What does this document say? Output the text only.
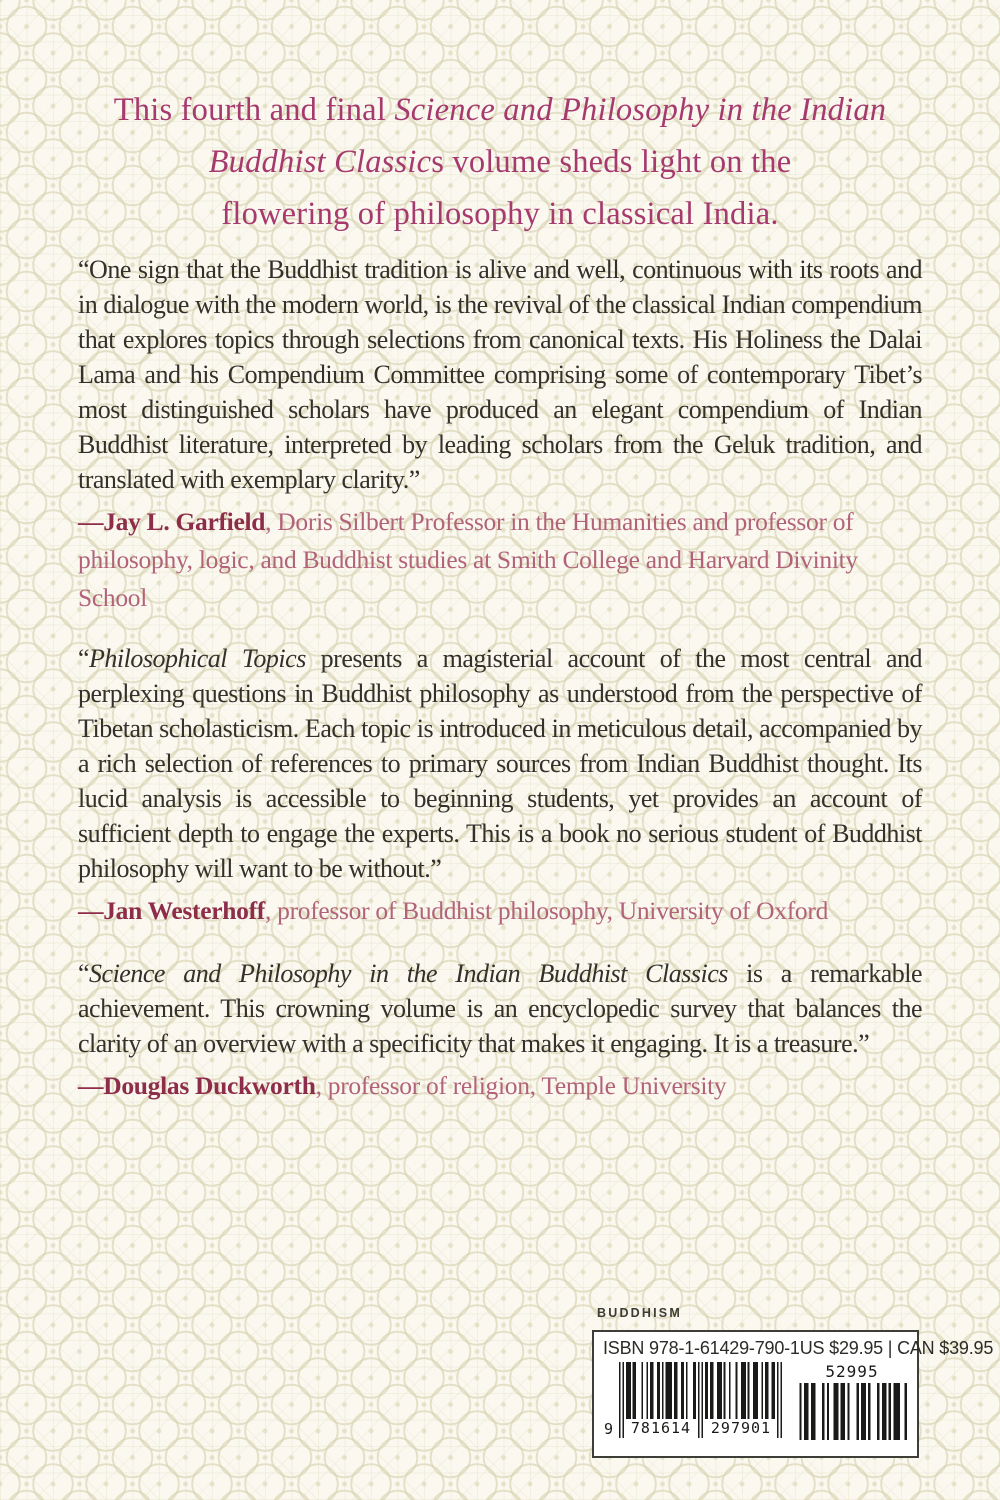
This fourth and final Science and Philosophy in the Indian
Buddhist Classics volume sheds light on the
flowering of philosophy in classical India.

“One sign that the Buddhist tradition is alive and well, continuous with its roots and in dialogue with the modern world, is the revival of the classical Indian compendium that explores topics through selections from canonical texts. His Holiness the Dalai Lama and his Compendium Committee comprising some of contemporary Tibet’s most distinguished scholars have produced an elegant compendium of Indian Buddhist literature, interpreted by leading scholars from the Geluk tradition, and translated with exemplary clarity.”

—Jay L. Garfield, Doris Silbert Professor in the Humanities and professor of philosophy, logic, and Buddhist studies at Smith College and Harvard Divinity School

“Philosophical Topics presents a magisterial account of the most central and perplexing questions in Buddhist philosophy as understood from the perspective of Tibetan scholasticism. Each topic is introduced in meticulous detail, accompanied by a rich selection of references to primary sources from Indian Buddhist thought. Its lucid analysis is accessible to beginning students, yet provides an account of sufficient depth to engage the experts. This is a book no serious student of Buddhist philosophy will want to be without.”

—Jan Westerhoff, professor of Buddhist philosophy, University of Oxford

“Science and Philosophy in the Indian Buddhist Classics is a remarkable achievement. This crowning volume is an encyclopedic survey that balances the clarity of an overview with a specificity that makes it engaging. It is a treasure.”

—Douglas Duckworth, professor of religion, Temple University

BUDDHISM
ISBN 978-1-61429-790-1 US $29.95 | CAN $39.95
9	781614	297901
52995
